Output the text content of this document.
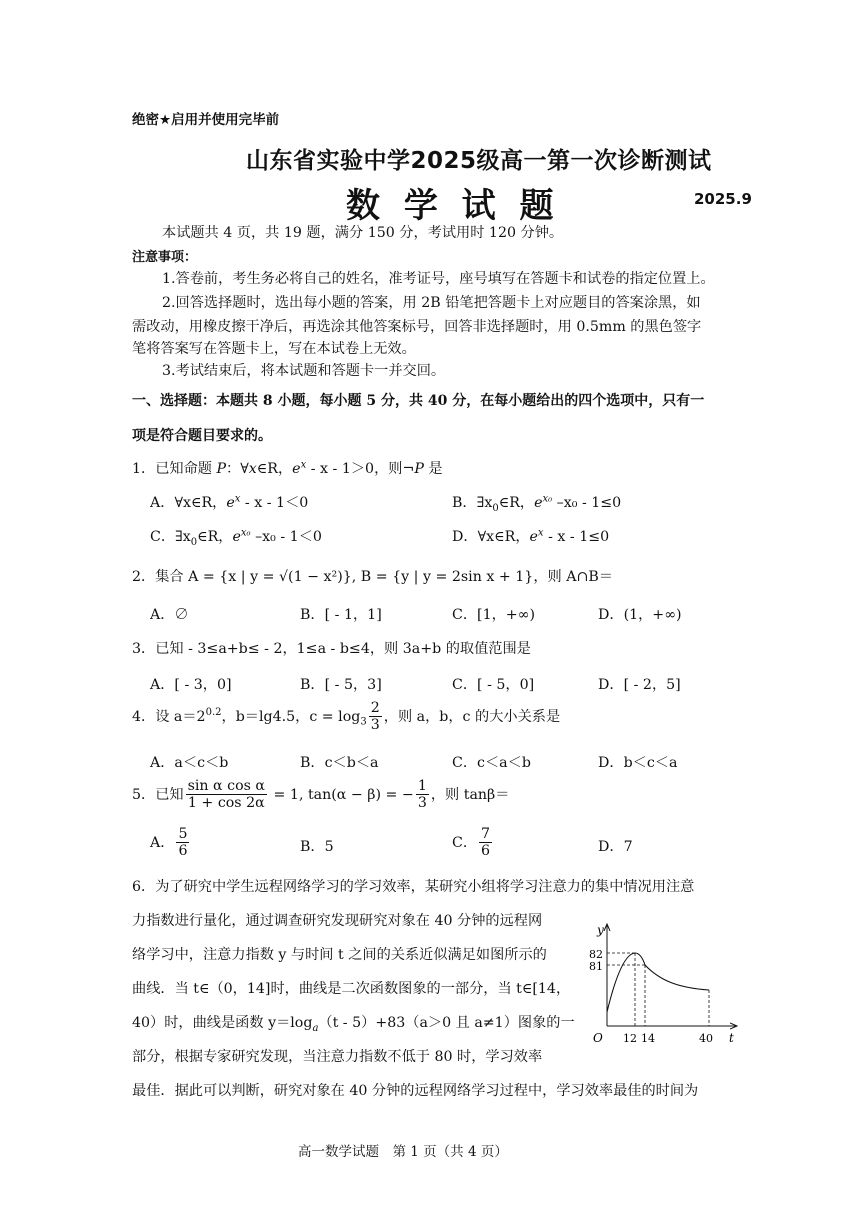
绝密★启用并使用完毕前
山东省实验中学2025级高一第一次诊断测试
数 学 试 题	2025.9
本试题共 4 页，共 19 题，满分 150 分，考试用时 120 分钟。
注意事项：
1.答卷前，考生务必将自己的姓名，准考证号，座号填写在答题卡和试卷的指定位置上。
2.回答选择题时，选出每小题的答案，用 2B 铅笔把答题卡上对应题目的答案涂黑，如
需改动，用橡皮擦干净后，再选涂其他答案标号，回答非选择题时，用 0.5mm 的黑色签字
笔将答案写在答题卡上，写在本试卷上无效。
3.考试结束后，将本试题和答题卡一并交回。
一、选择题：本题共 8 小题，每小题 5 分，共 40 分，在每小题给出的四个选项中，只有一
项是符合题目要求的。
1．已知命题 P：∀x∈R，$e^x - x - 1>0$，则¬P 是
A．∀x∈R，$e^x - x - 1<0$	B．$\exists x_0\in R$，$e^{x_0}$ –x₀ - 1≤0
C．$\exists x_0\in R$，$e^{x_0}$ –x₀ - 1＜0	D．∀x∈R，$e^x - x - 1\le 0$
2．集合 A = {x | y = √(1 − x²)}, B = {y | y = 2sin x + 1}，则 A∩B＝
A．∅	B．[ - 1，1]	C．[1，+∞)	D．(1，+∞)
3．已知 - 3≤a+b≤ - 2，1≤a - b≤4，则 3a+b 的取值范围是
A．[ - 3，0]	B．[ - 5，3]	C．[ - 5，0]	D．[ - 2，5]
4．设 $a=2^{0.2}$，b＝lg4.5，$c = \log_3 \frac{2}{3}$ ，则 a，b，c 的大小关系是
A．a＜c＜b	B．c＜b＜a	C．c＜a＜b	D．b＜c＜a
5．已知 $\frac{\text{sin α cos α}}{1 + \cos 2\alpha} = 1$, tan(α − β) = − $\frac{1}{3}$ ，则 tanβ＝
A． $\frac{5}{6}$	B．5	C． $\frac{7}{6}$	D．7
6．为了研究中学生远程网络学习的学习效率，某研究小组将学习注意力的集中情况用注意
力指数进行量化，通过调查研究发现研究对象在 40 分钟的远程网
络学习中，注意力指数 y 与时间 t 之间的关系近似满足如图所示的
曲线．当 t∈（0，14]时，曲线是二次函数图象的一部分，当 t∈[14，
40）时，曲线是函数 $y=\log_a(t - 5)+83(a>0$ 且 a≠1）图象的一
部分，根据专家研究发现，当注意力指数不低于 80 时，学习效率
最佳．据此可以判断，研究对象在 40 分钟的远程网络学习过程中，学习效率最佳的时间为
y
t
O
82
81
12 14	40
高一数学试题　第 1 页（共 4 页）
